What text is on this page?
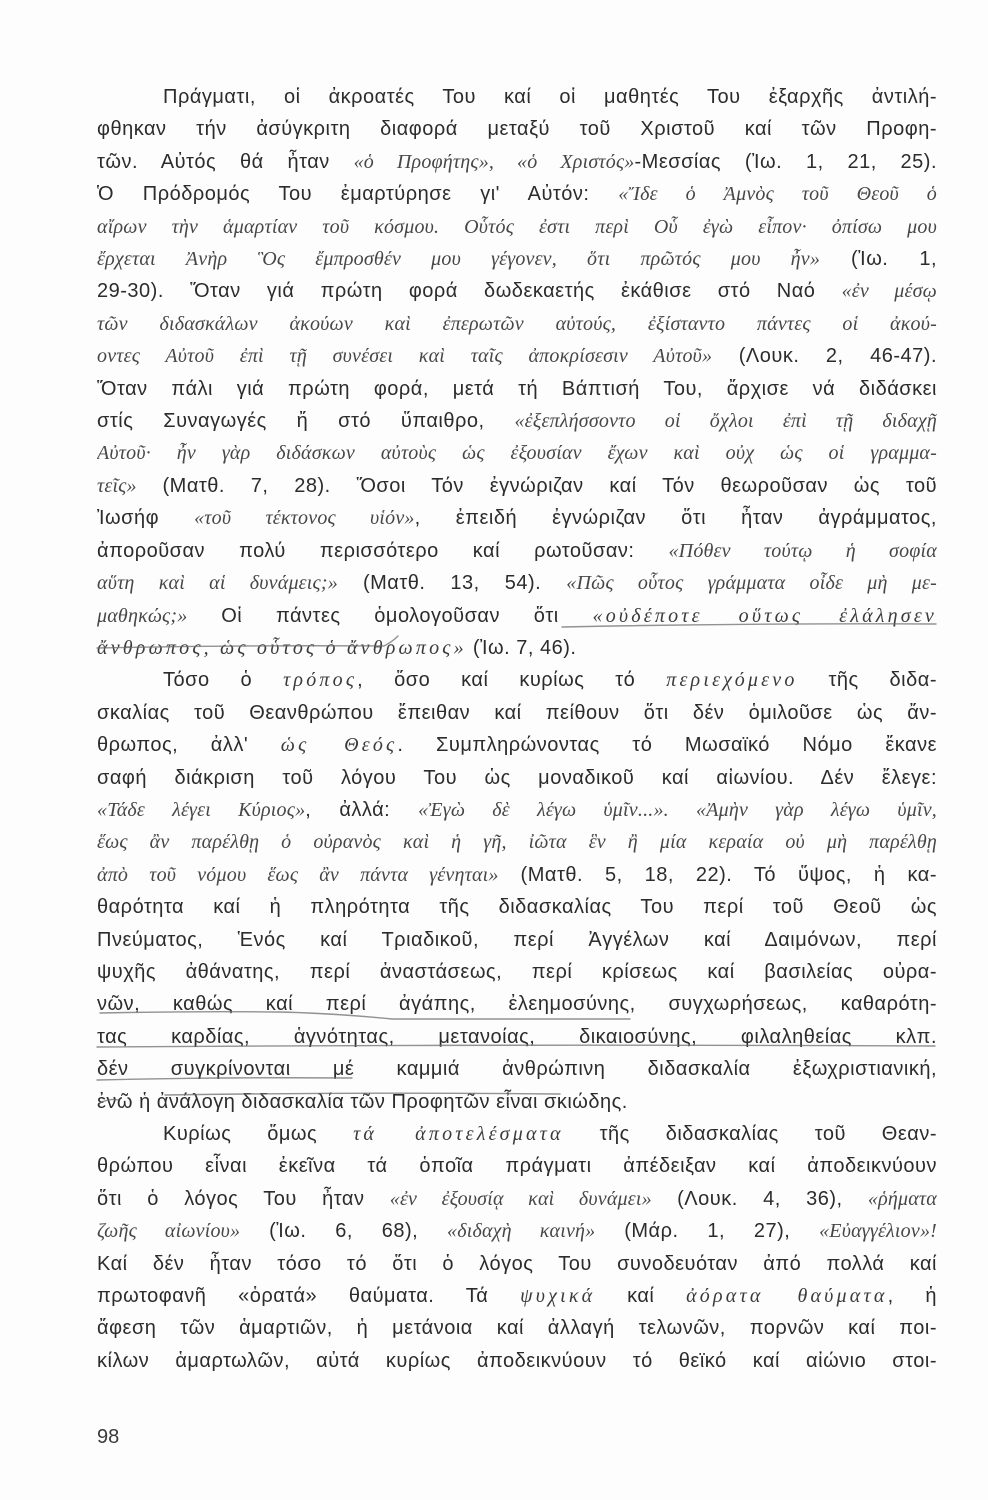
Πράγματι, οἱ ἀκροατές Του καί οἱ μαθητές Του ἐξαρχῆς ἀντιλή-
φθηκαν τήν ἀσύγκριτη διαφορά μεταξύ τοῦ Χριστοῦ καί τῶν Προφη-
τῶν. Αὐτός θά ἦταν «ὁ Προφήτης», «ὁ Χριστός»-Μεσσίας (Ἰω. 1, 21, 25).
Ὁ Πρόδρομός Του ἐμαρτύρησε γι' Αὐτόν: «Ἴδε ὁ Ἀμνὸς τοῦ Θεοῦ ὁ
αἴρων τὴν ἁμαρτίαν τοῦ κόσμου. Οὗτός ἐστι περὶ Οὗ ἐγὼ εἶπον· ὀπίσω μου
ἔρχεται Ἀνὴρ Ὃς ἔμπροσθέν μου γέγονεν, ὅτι πρῶτός μου ἦν» (Ἰω. 1,
29-30). Ὅταν γιά πρώτη φορά δωδεκαετής ἐκάθισε στό Ναό «ἐν μέσῳ
τῶν διδασκάλων ἀκούων καὶ ἐπερωτῶν αὐτούς, ἐξίσταντο πάντες οἱ ἀκού-
οντες Αὐτοῦ ἐπὶ τῇ συνέσει καὶ ταῖς ἀποκρίσεσιν Αὐτοῦ» (Λουκ. 2, 46-47).
Ὅταν πάλι γιά πρώτη φορά, μετά τή Βάπτισή Του, ἄρχισε νά διδάσκει
στίς Συναγωγές ἤ στό ὕπαιθρο, «ἐξεπλήσσοντο οἱ ὄχλοι ἐπὶ τῇ διδαχῇ
Αὐτοῦ· ἦν γὰρ διδάσκων αὐτοὺς ὡς ἐξουσίαν ἔχων καὶ οὐχ ὡς οἱ γραμμα-
τεῖς» (Ματθ. 7, 28). Ὅσοι Τόν ἐγνώριζαν καί Τόν θεωροῦσαν ὡς τοῦ
Ἰωσήφ «τοῦ τέκτονος υἱόν», ἐπειδή ἐγνώριζαν ὅτι ἦταν ἀγράμματος,
ἀποροῦσαν πολύ περισσότερο καί ρωτοῦσαν: «Πόθεν τούτῳ ἡ σοφία
αὕτη καὶ αἱ δυνάμεις;» (Ματθ. 13, 54). «Πῶς οὗτος γράμματα οἶδε μὴ με-
μαθηκώς;» Οἱ πάντες ὁμολογοῦσαν ὅτι «οὐδέποτε οὕτως ἐλάλησεν
ἄνθρωπος, ὡς οὗτος ὁ ἄνθρωπος» (Ἰω. 7, 46).
Τόσο ὁ τρόπος, ὅσο καί κυρίως τό περιεχόμενο τῆς διδα-
σκαλίας τοῦ Θεανθρώπου ἔπειθαν καί πείθουν ὅτι δέν ὁμιλοῦσε ὡς ἄν-
θρωπος, ἀλλ' ὡς Θεός. Συμπληρώνοντας τό Μωσαϊκό Νόμο ἔκανε
σαφή διάκριση τοῦ λόγου Του ὡς μοναδικοῦ καί αἰωνίου. Δέν ἔλεγε:
«Τάδε λέγει Κύριος», ἀλλά: «Ἐγὼ δὲ λέγω ὑμῖν...». «Ἀμὴν γὰρ λέγω ὑμῖν,
ἕως ἂν παρέλθῃ ὁ οὐρανὸς καὶ ἡ γῆ, ἰῶτα ἓν ἢ μία κεραία οὐ μὴ παρέλθῃ
ἀπὸ τοῦ νόμου ἕως ἂν πάντα γένηται» (Ματθ. 5, 18, 22). Τό ὕψος, ἡ κα-
θαρότητα καί ἡ πληρότητα τῆς διδασκαλίας Του περί τοῦ Θεοῦ ὡς
Πνεύματος, Ἑνός καί Τριαδικοῦ, περί Ἀγγέλων καί Δαιμόνων, περί
ψυχῆς ἀθάνατης, περί ἀναστάσεως, περί κρίσεως καί βασιλείας οὐρα-
νῶν, καθώς καί περί ἀγάπης, ἐλεημοσύνης, συγχωρήσεως, καθαρότη-
τας καρδίας, ἁγνότητας, μετανοίας, δικαιοσύνης, φιλαληθείας κλπ.
δέν συγκρίνονται μέ καμμιά ἀνθρώπινη διδασκαλία ἐξωχριστιανική,
ἐνῶ ἡ ἀνάλογη διδασκαλία τῶν Προφητῶν εἶναι σκιώδης.
Κυρίως ὅμως τά ἀποτελέσματα τῆς διδασκαλίας τοῦ Θεαν-
θρώπου εἶναι ἐκεῖνα τά ὁποῖα πράγματι ἀπέδειξαν καί ἀποδεικνύουν
ὅτι ὁ λόγος Του ἦταν «ἐν ἐξουσίᾳ καὶ δυνάμει» (Λουκ. 4, 36), «ῥήματα
ζωῆς αἰωνίου» (Ἰω. 6, 68), «διδαχὴ καινή» (Μάρ. 1, 27), «Εὐαγγέλιον»!
Καί δέν ἦταν τόσο τό ὅτι ὁ λόγος Του συνοδευόταν ἀπό πολλά καί
πρωτοφανῆ «ὁρατά» θαύματα. Τά ψυχικά καί ἀόρατα θαύματα, ἡ
ἄφεση τῶν ἁμαρτιῶν, ἡ μετάνοια καί ἀλλαγή τελωνῶν, πορνῶν καί ποι-
κίλων ἁμαρτωλῶν, αὐτά κυρίως ἀποδεικνύουν τό θεϊκό καί αἰώνιο στοι-
98
